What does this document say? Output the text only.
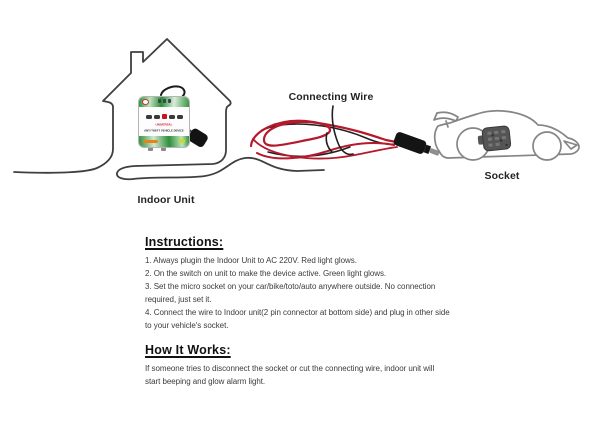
UNIVERSAL
ANTI THEFT VEHICLE DEVICE
Indoor Unit
Connecting Wire
Socket
Instructions:
1. Always plugin the Indoor Unit to AC 220V. Red light glows.
2. On the switch on unit to make the device active. Green light glows.
3. Set the micro socket on your car/bike/toto/auto anywhere outside. No connection
required, just set it.
4. Connect the wire to Indoor unit(2 pin connector at bottom side) and plug in other side
to your vehicle's socket.
How It Works:
If someone tries to disconnect the socket or cut the connecting wire, indoor unit will
start beeping and glow alarm light.
